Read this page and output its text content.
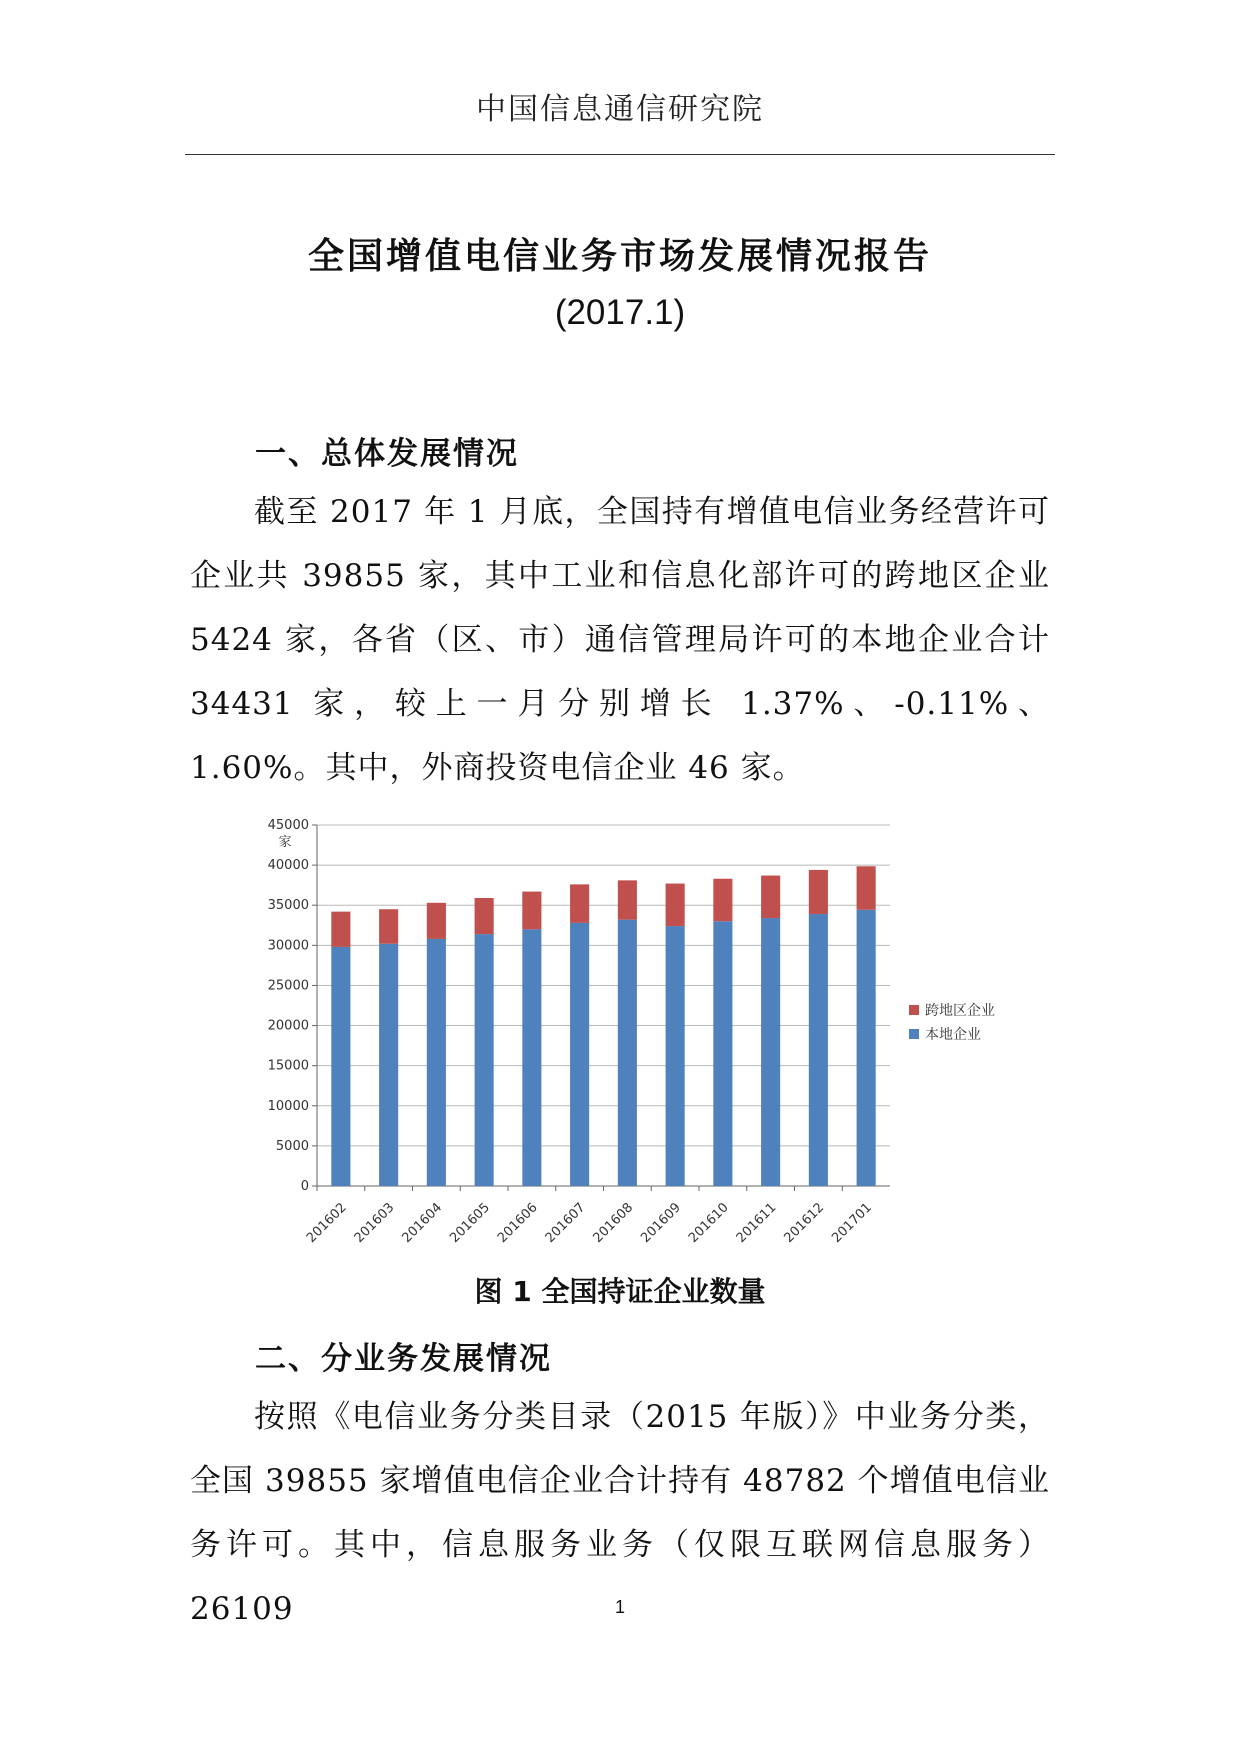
中国信息通信研究院
全国增值电信业务市场发展情况报告
(2017.1)
一、总体发展情况

截至 2017 年 1 月底，全国持有增值电信业务经营许可企业共 39855 家，其中工业和信息化部许可的跨地区企业 5424 家，各省（区、市）通信管理局许可的本地企业合计 34431 家，较上一月分别增长 1.37%、-0.11%、1.60%。其中，外商投资电信企业 46 家。

0
5000
10000
15000
20000
25000
30000
35000
40000
45000
家
201602 201603 201604 201605 201606 201607 201608 201609 201610 201611 201612 201701
跨地区企业
本地企业
图 1 全国持证企业数量
二、分业务发展情况

按照《电信业务分类目录（2015 年版）》中业务分类，全国 39855 家增值电信企业合计持有 48782 个增值电信业务许可。其中，信息服务业务（仅限互联网信息服务）26109	1
